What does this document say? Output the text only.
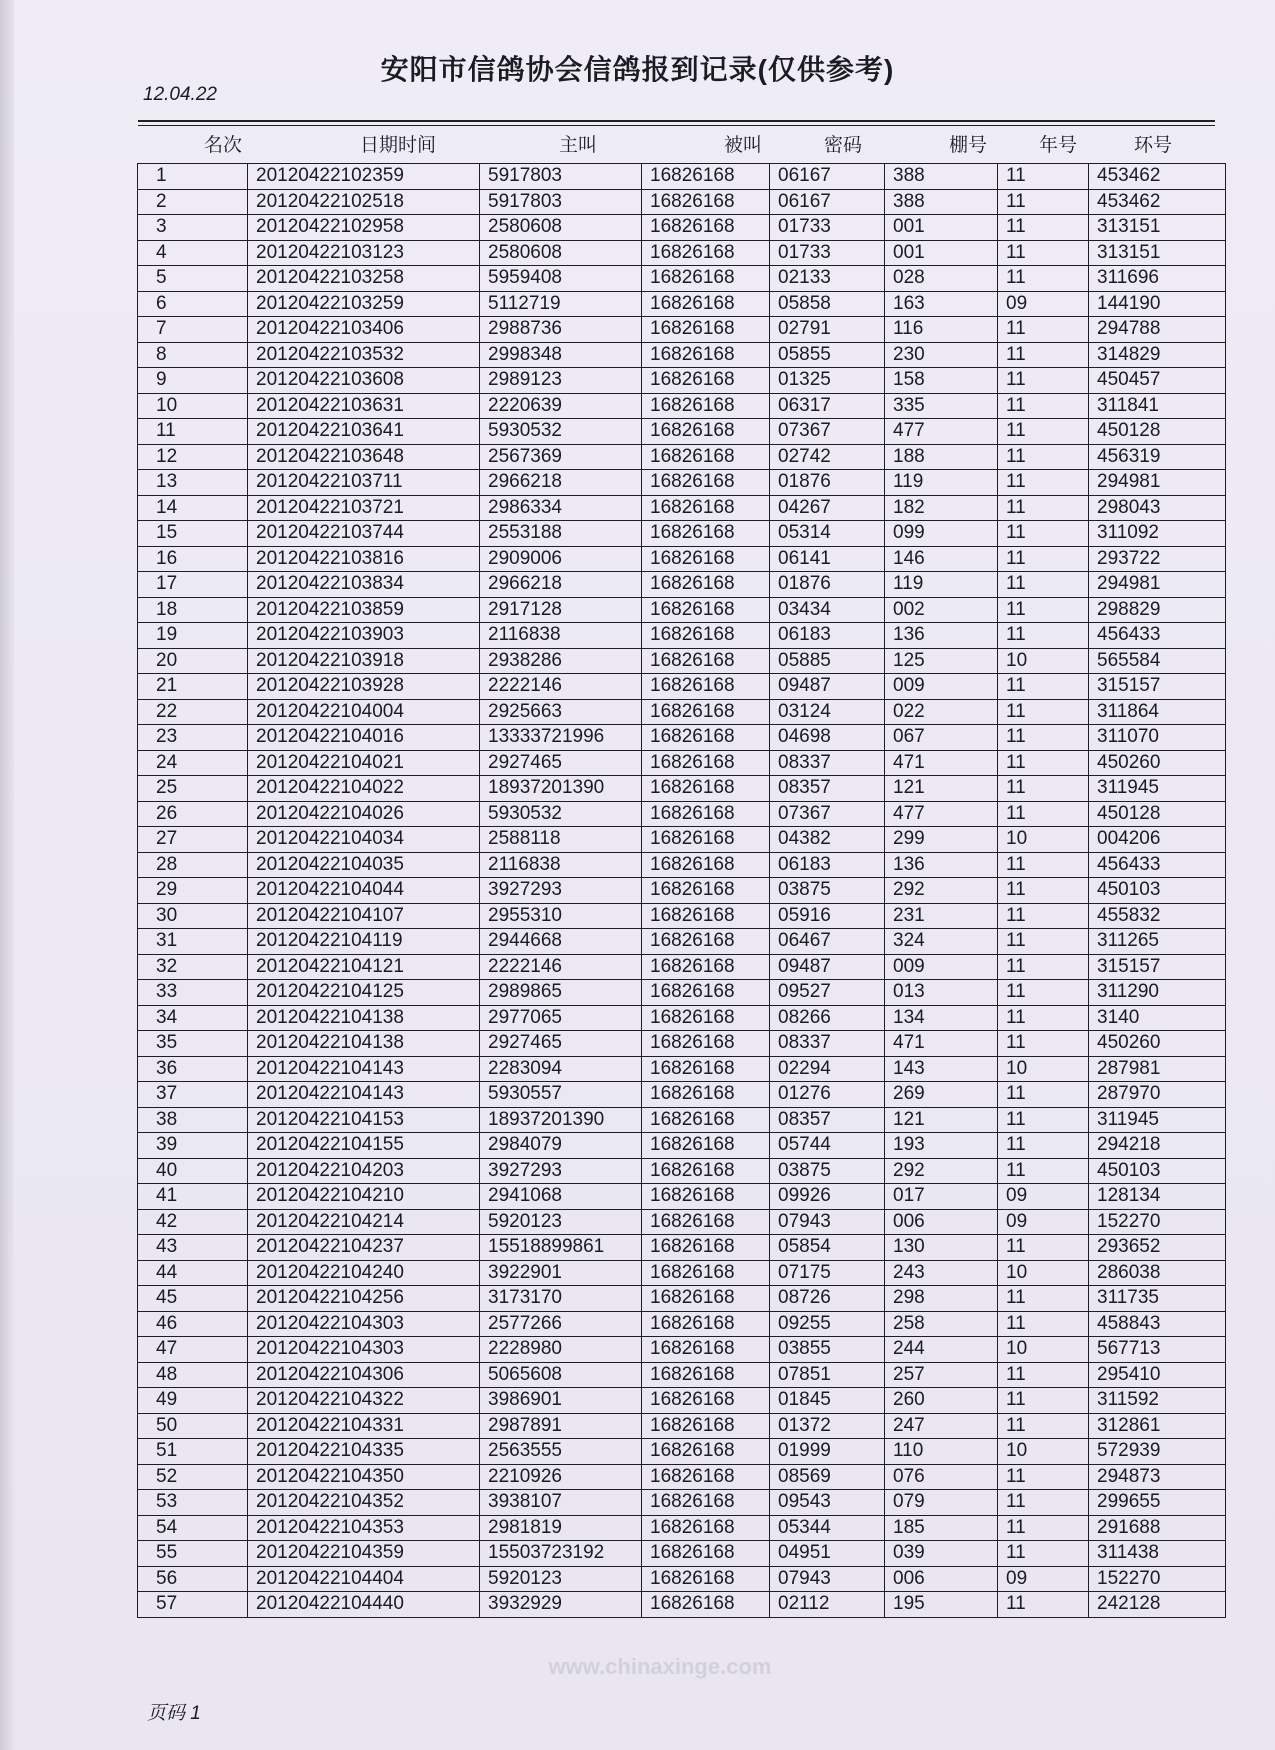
安阳市信鸽协会信鸽报到记录(仅供参考)
12.04.22
名次	日期时间	主叫	被叫	密码	棚号	年号	环号
1	20120422102359	5917803	16826168	06167	388	11	453462
2	20120422102518	5917803	16826168	06167	388	11	453462
3	20120422102958	2580608	16826168	01733	001	11	313151
4	20120422103123	2580608	16826168	01733	001	11	313151
5	20120422103258	5959408	16826168	02133	028	11	311696
6	20120422103259	5112719	16826168	05858	163	09	144190
7	20120422103406	2988736	16826168	02791	116	11	294788
8	20120422103532	2998348	16826168	05855	230	11	314829
9	20120422103608	2989123	16826168	01325	158	11	450457
10	20120422103631	2220639	16826168	06317	335	11	311841
11	20120422103641	5930532	16826168	07367	477	11	450128
12	20120422103648	2567369	16826168	02742	188	11	456319
13	20120422103711	2966218	16826168	01876	119	11	294981
14	20120422103721	2986334	16826168	04267	182	11	298043
15	20120422103744	2553188	16826168	05314	099	11	311092
16	20120422103816	2909006	16826168	06141	146	11	293722
17	20120422103834	2966218	16826168	01876	119	11	294981
18	20120422103859	2917128	16826168	03434	002	11	298829
19	20120422103903	2116838	16826168	06183	136	11	456433
20	20120422103918	2938286	16826168	05885	125	10	565584
21	20120422103928	2222146	16826168	09487	009	11	315157
22	20120422104004	2925663	16826168	03124	022	11	311864
23	20120422104016	13333721996	16826168	04698	067	11	311070
24	20120422104021	2927465	16826168	08337	471	11	450260
25	20120422104022	18937201390	16826168	08357	121	11	311945
26	20120422104026	5930532	16826168	07367	477	11	450128
27	20120422104034	2588118	16826168	04382	299	10	004206
28	20120422104035	2116838	16826168	06183	136	11	456433
29	20120422104044	3927293	16826168	03875	292	11	450103
30	20120422104107	2955310	16826168	05916	231	11	455832
31	20120422104119	2944668	16826168	06467	324	11	311265
32	20120422104121	2222146	16826168	09487	009	11	315157
33	20120422104125	2989865	16826168	09527	013	11	311290
34	20120422104138	2977065	16826168	08266	134	11	3140
35	20120422104138	2927465	16826168	08337	471	11	450260
36	20120422104143	2283094	16826168	02294	143	10	287981
37	20120422104143	5930557	16826168	01276	269	11	287970
38	20120422104153	18937201390	16826168	08357	121	11	311945
39	20120422104155	2984079	16826168	05744	193	11	294218
40	20120422104203	3927293	16826168	03875	292	11	450103
41	20120422104210	2941068	16826168	09926	017	09	128134
42	20120422104214	5920123	16826168	07943	006	09	152270
43	20120422104237	15518899861	16826168	05854	130	11	293652
44	20120422104240	3922901	16826168	07175	243	10	286038
45	20120422104256	3173170	16826168	08726	298	11	311735
46	20120422104303	2577266	16826168	09255	258	11	458843
47	20120422104303	2228980	16826168	03855	244	10	567713
48	20120422104306	5065608	16826168	07851	257	11	295410
49	20120422104322	3986901	16826168	01845	260	11	311592
50	20120422104331	2987891	16826168	01372	247	11	312861
51	20120422104335	2563555	16826168	01999	110	10	572939
52	20120422104350	2210926	16826168	08569	076	11	294873
53	20120422104352	3938107	16826168	09543	079	11	299655
54	20120422104353	2981819	16826168	05344	185	11	291688
55	20120422104359	15503723192	16826168	04951	039	11	311438
56	20120422104404	5920123	16826168	07943	006	09	152270
57	20120422104440	3932929	16826168	02112	195	11	242128
www.chinaxinge.com
页码 1
